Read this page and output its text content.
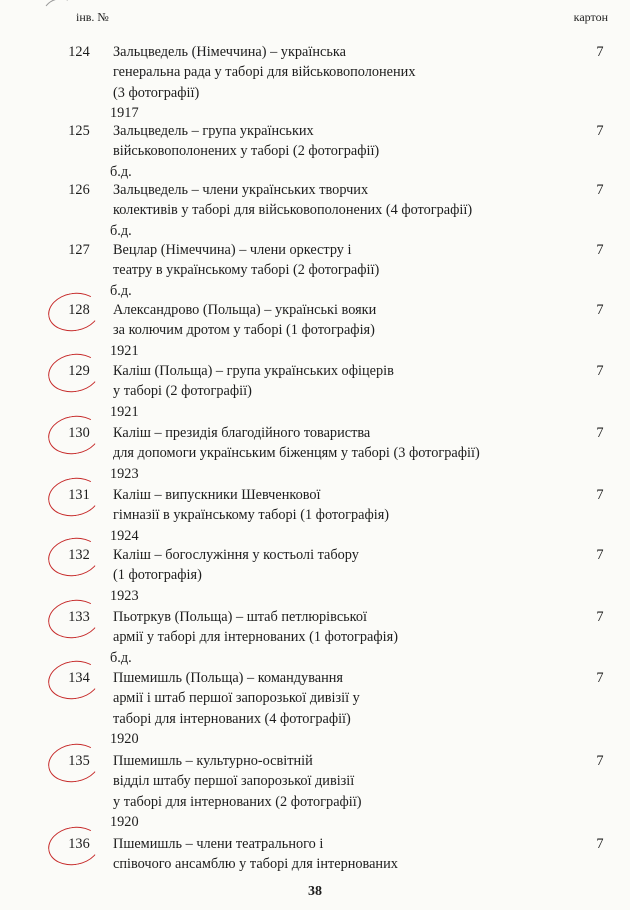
інв. №	картон
124	Зальцведель (Німеччина) – українська
генеральна рада у таборі для військовополонених
(3 фотографії)
1917
7
125	Зальцведель – група українських
військовополонених у таборі (2 фотографії)
б.д.
7
126	Зальцведель – члени українських творчих
колективів у таборі для військовополонених (4 фотографії)
б.д.
7
127	Вецлар (Німеччина) – члени оркестру і
театру в українському таборі (2 фотографії)
б.д.
7
128	Александрово (Польща) – українські вояки
за колючим дротом у таборі (1 фотографія)
1921
7
129	Каліш (Польща) – група українських офіцерів
у таборі (2 фотографії)
1921
7
130	Каліш – президія благодійного товариства
для допомоги українським біженцям у таборі (3 фотографії)
1923
7
131	Каліш – випускники Шевченкової
гімназії в українському таборі (1 фотографія)
1924
7
132	Каліш – богослужіння у костьолі табору
(1 фотографія)
1923
7
133	Пьотркув (Польща) – штаб петлюрівської
армії у таборі для інтернованих (1 фотографія)
б.д.
7
134	Пшемишль (Польща) – командування
армії і штаб першої запорозької дивізії у
таборі для інтернованих (4 фотографії)
1920
7
135	Пшемишль – культурно-освітній
відділ штабу першої запорозької дивізії
у таборі для інтернованих (2 фотографії)
1920
7
136	Пшемишль – члени театрального і
співочого ансамблю у таборі для інтернованих
7
38
